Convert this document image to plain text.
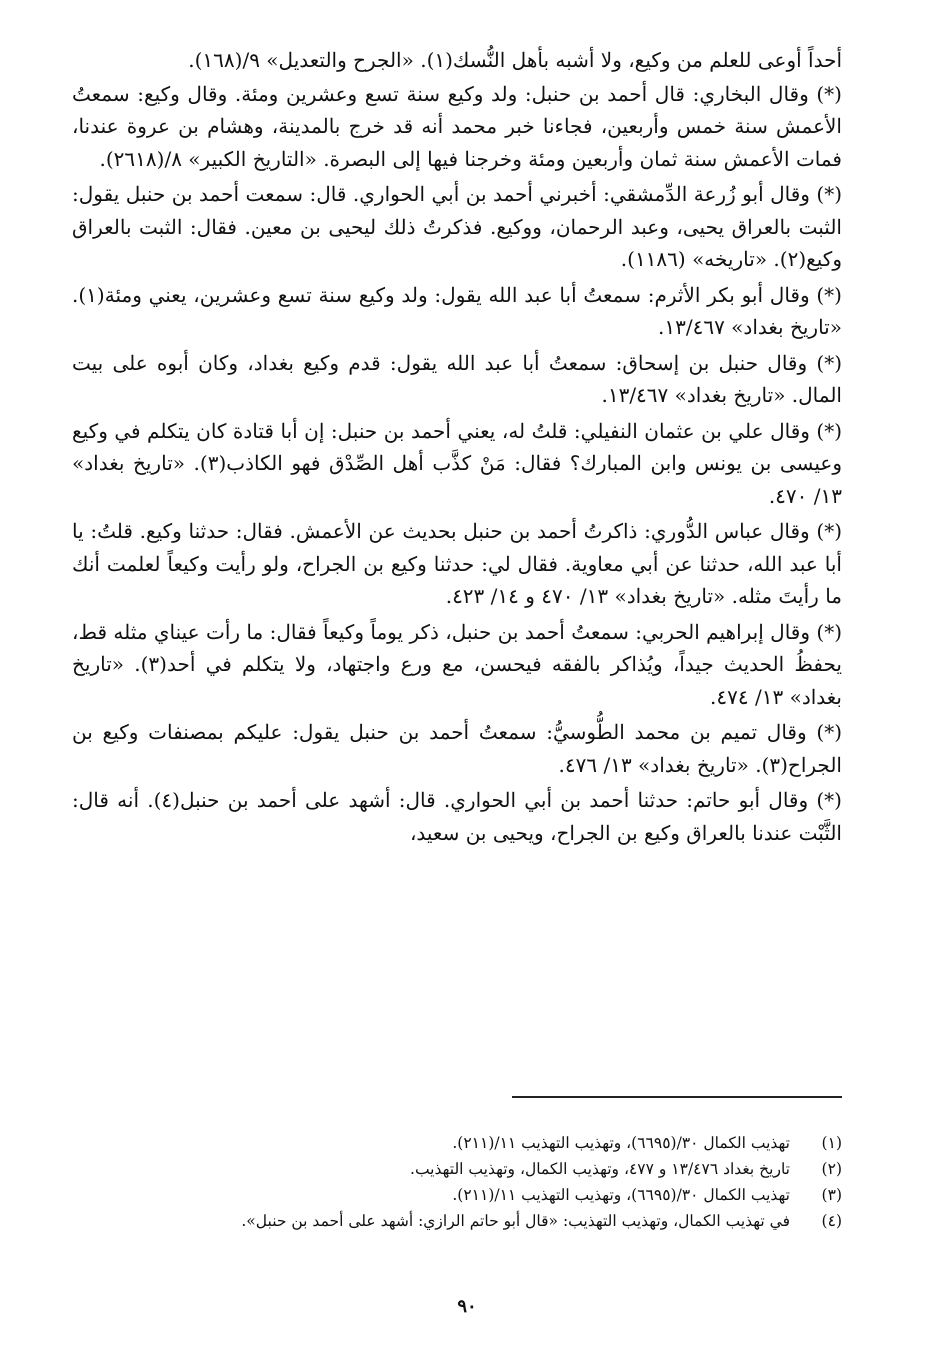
أحداً أوعى للعلم من وكيع، ولا أشبه بأهل النُّسك(١). «الجرح والتعديل» ٩/(١٦٨).

(*) وقال البخاري: قال أحمد بن حنبل: ولد وكيع سنة تسع وعشرين ومئة. وقال وكيع: سمعتُ الأعمش سنة خمس وأربعين، فجاءنا خبر محمد أنه قد خرج بالمدينة، وهشام بن عروة عندنا، فمات الأعمش سنة ثمان وأربعين ومئة وخرجنا فيها إلى البصرة. «التاريخ الكبير» ٨/(٢٦١٨).

(*) وقال أبو زُرعة الدِّمشقي: أخبرني أحمد بن أبي الحواري. قال: سمعت أحمد بن حنبل يقول: الثبت بالعراق يحيى، وعبد الرحمان، ووكيع. فذكرتُ ذلك ليحيى بن معين. فقال: الثبت بالعراق وكيع(٢). «تاريخه» (١١٨٦).

(*) وقال أبو بكر الأثرم: سمعتُ أبا عبد الله يقول: ولد وكيع سنة تسع وعشرين، يعني ومئة(١). «تاريخ بغداد» ١٣/٤٦٧.

(*) وقال حنبل بن إسحاق: سمعتُ أبا عبد الله يقول: قدم وكيع بغداد، وكان أبوه على بيت المال. «تاريخ بغداد» ١٣/٤٦٧.

(*) وقال علي بن عثمان النفيلي: قلتُ له، يعني أحمد بن حنبل: إن أبا قتادة كان يتكلم في وكيع وعيسى بن يونس وابن المبارك؟ فقال: مَنْ كذَّب أهل الصِّدْق فهو الكاذب(٣). «تاريخ بغداد» ١٣/ ٤٧٠.

(*) وقال عباس الدُّوري: ذاكرتُ أحمد بن حنبل بحديث عن الأعمش. فقال: حدثنا وكيع. قلتُ: يا أبا عبد الله، حدثنا عن أبي معاوية. فقال لي: حدثنا وكيع بن الجراح، ولو رأيت وكيعاً لعلمت أنك ما رأيتَ مثله. «تاريخ بغداد» ١٣/ ٤٧٠ و ١٤/ ٤٢٣.

(*) وقال إبراهيم الحربي: سمعتُ أحمد بن حنبل، ذكر يوماً وكيعاً فقال: ما رأت عيناي مثله قط، يحفظُ الحديث جيداً، ويُذاكر بالفقه فيحسن، مع ورع واجتهاد، ولا يتكلم في أحد(٣). «تاريخ بغداد» ١٣/ ٤٧٤.

(*) وقال تميم بن محمد الطُّوسيُّ: سمعتُ أحمد بن حنبل يقول: عليكم بمصنفات وكيع بن الجراح(٣). «تاريخ بغداد» ١٣/ ٤٧٦.

(*) وقال أبو حاتم: حدثنا أحمد بن أبي الحواري. قال: أشهد على أحمد بن حنبل(٤). أنه قال: الثَّبْت عندنا بالعراق وكيع بن الجراح، ويحيى بن سعيد،

(١)
تهذيب الكمال ٣٠/(٦٦٩٥)، وتهذيب التهذيب ١١/(٢١١).
(٢)
تاريخ بغداد ١٣/٤٧٦ و ٤٧٧، وتهذيب الكمال، وتهذيب التهذيب.
(٣)
تهذيب الكمال ٣٠/(٦٦٩٥)، وتهذيب التهذيب ١١/(٢١١).
(٤)
في تهذيب الكمال، وتهذيب التهذيب: «قال أبو حاتم الرازي: أشهد على أحمد بن حنبل».
٩٠
